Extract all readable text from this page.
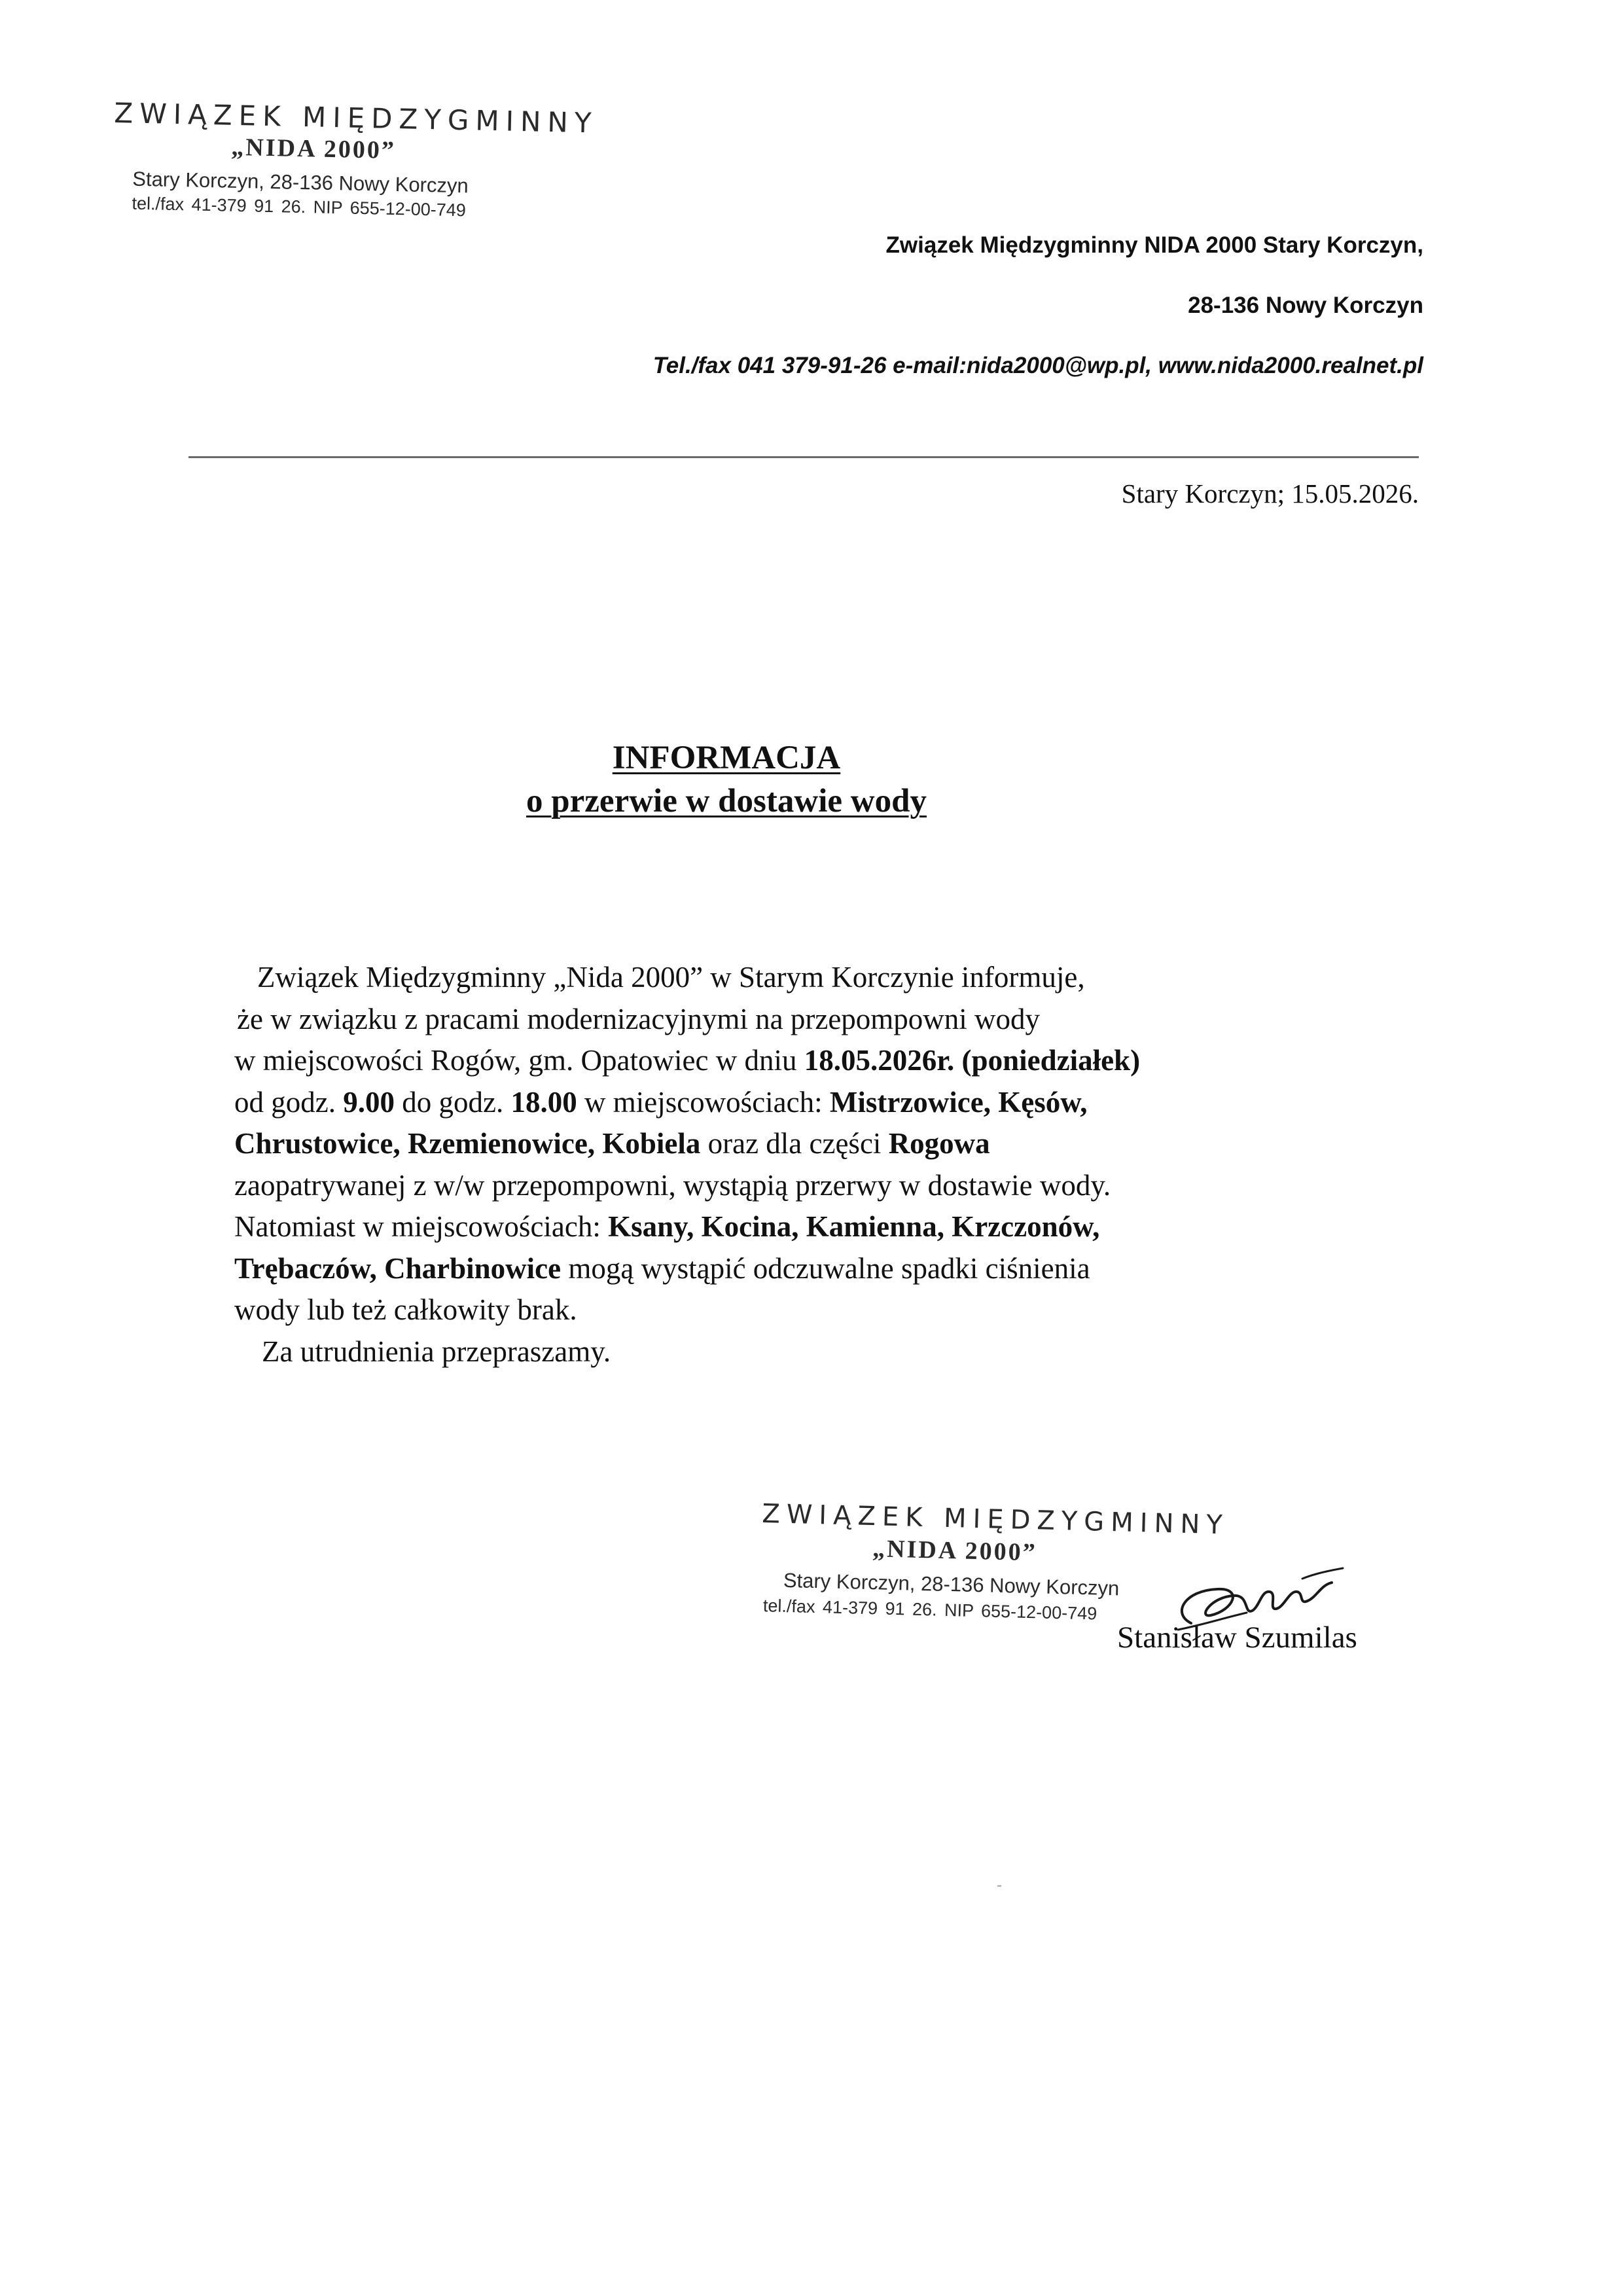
ZWIĄZEK MIĘDZYGMINNY
„NIDA 2000”
Stary Korczyn, 28-136 Nowy Korczyn
tel./fax 41-379 91 26. NIP 655-12-00-749
Związek Międzygminny NIDA 2000 Stary Korczyn,
28-136 Nowy Korczyn
Tel./fax 041 379-91-26 e-mail:nida2000@wp.pl, www.nida2000.realnet.pl
Stary Korczyn; 15.05.2026.
INFORMACJA
o przerwie w dostawie wody
Związek Międzygminny „Nida 2000” w Starym Korczynie informuje,
że w związku z pracami modernizacyjnymi na przepompowni wody
w miejscowości Rogów, gm. Opatowiec w dniu 18.05.2026r. (poniedziałek)
od godz. 9.00 do godz. 18.00 w miejscowościach: Mistrzowice, Kęsów,
Chrustowice, Rzemienowice, Kobiela oraz dla części Rogowa
zaopatrywanej z w/w przepompowni, wystąpią przerwy w dostawie wody.
Natomiast w miejscowościach: Ksany, Kocina, Kamienna, Krzczonów,
Trębaczów, Charbinowice mogą wystąpić odczuwalne spadki ciśnienia
wody lub też całkowity brak.
Za utrudnienia przepraszamy.
ZWIĄZEK MIĘDZYGMINNY
„NIDA 2000”
Stary Korczyn, 28-136 Nowy Korczyn
tel./fax 41-379 91 26. NIP 655-12-00-749
Stanisław Szumilas
